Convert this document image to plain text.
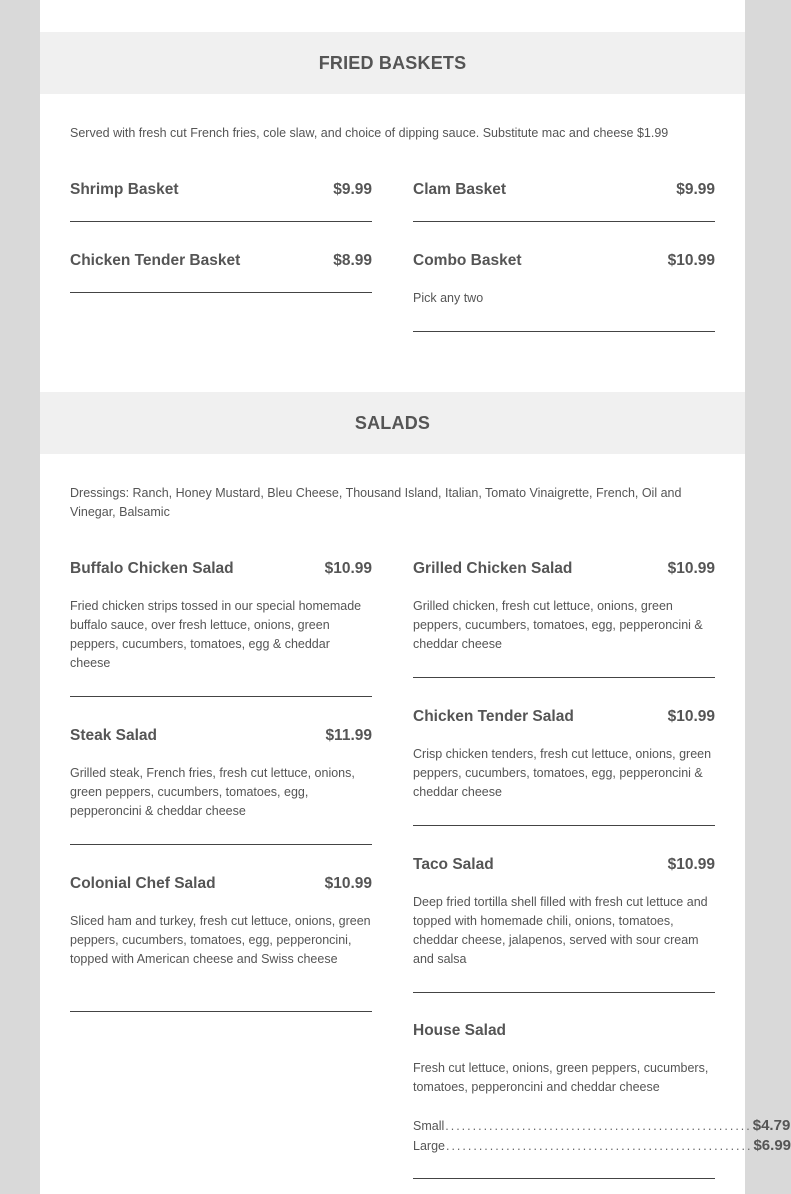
FRIED BASKETS
Served with fresh cut French fries, cole slaw, and choice of dipping sauce. Substitute mac and cheese $1.99
Shrimp Basket	$9.99	Clam Basket	$9.99
Chicken Tender Basket	$8.99	Combo Basket	$10.99
Pick any two
SALADS
Dressings: Ranch, Honey Mustard, Bleu Cheese, Thousand Island, Italian, Tomato Vinaigrette, French, Oil and Vinegar, Balsamic
Buffalo Chicken Salad	$10.99
Fried chicken strips tossed in our special homemade buffalo sauce, over fresh lettuce, onions, green peppers, cucumbers, tomatoes, egg & cheddar cheese
Steak Salad	$11.99
Grilled steak, French fries, fresh cut lettuce, onions, green peppers, cucumbers, tomatoes, egg, pepperoncini & cheddar cheese
Colonial Chef Salad	$10.99
Sliced ham and turkey, fresh cut lettuce, onions, green peppers, cucumbers, tomatoes, egg, pepperoncini, topped with American cheese and Swiss cheese
Grilled Chicken Salad	$10.99
Grilled chicken, fresh cut lettuce, onions, green peppers, cucumbers, tomatoes, egg, pepperoncini & cheddar cheese
Chicken Tender Salad	$10.99
Crisp chicken tenders, fresh cut lettuce, onions, green peppers, cucumbers, tomatoes, egg, pepperoncini & cheddar cheese
Taco Salad	$10.99
Deep fried tortilla shell filled with fresh cut lettuce and topped with homemade chili, onions, tomatoes, cheddar cheese, jalapenos, served with sour cream and salsa
House Salad
Fresh cut lettuce, onions, green peppers, cucumbers, tomatoes, pepperoncini and cheddar cheese
Small ........................................................ $4.79
Large ........................................................ $6.99
